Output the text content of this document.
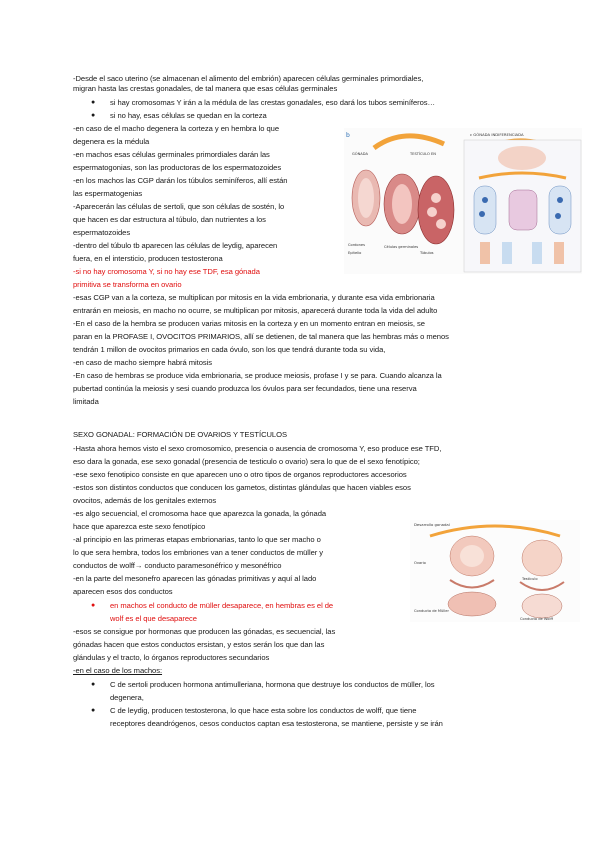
-Desde el saco uterino (se almacenan el alimento del embrión) aparecen células germinales primordiales,
migran hasta las crestas gonadales, de tal manera que esas células germinales
● si hay cromosomas Y irán a la médula de las crestas gonadales, eso dará los tubos seminíferos…
● si no hay, esas células se quedan en la corteza
-en caso de el macho degenera la corteza y en hembra lo que
degenera es la médula
-en machos esas células germinales primordiales darán las
espermatogonias, son las productoras de los espermatozoides
-en los machos las CGP darán los túbulos seminíferos, allí están
las espermatogenias
-Aparecerán las células de sertoli, que son células de sostén, lo
que hacen es dar estructura al túbulo, dan nutrientes a los
espermatozoides
-dentro del túbulo tb aparecen las células de leydig, aparecen
fuera, en el intersticio, producen testosterona
-si no hay cromosoma Y, si no hay ese TDF, esa gónada
primitiva se transforma en ovario
-esas CGP van a la corteza, se multiplican por mitosis en la vida embrionaria, y durante esa vida embrionaria
entrarán en meiosis, en macho no ocurre, se multiplican por mitosis, aparecerá durante toda la vida del adulto
-En el caso de la hembra se producen varias mitosis en la corteza y en un momento entran en meiosis, se
paran en la PROFASE I, OVOCITOS PRIMARIOS, allí se detienen, de tal manera que las hembras más o menos
tendrán 1 millon de ovocitos primarios en cada óvulo, son los que tendrá durante toda su vida,
-en caso de macho siempre habrá mitosis
-En caso de hembras se produce vida embrionaria, se produce meiosis, profase I y se para. Cuando alcanza la
pubertad continúa la meiosis y sesi cuando produzca los óvulos para ser fecundados, tiene una reserva
limitada
SEXO GONADAL: FORMACIÓN DE OVARIOS Y TESTÍCULOS
-Hasta ahora hemos visto el sexo cromosomico, presencia o ausencia de cromosoma Y, eso produce ese TFD,
eso dara la gonada, ese sexo gonadal (presencia de testiculo o ovario) sera lo que de el sexo fenotípico;
-ese sexo fenotipico consiste en que aparecen uno o otro tipos de organos reproductores accesorios
-estos son distintos conductos que conducen los gametos, distintas glándulas que hacen viables esos
ovocitos, además de los genitales externos
-es algo secuencial, el cromosoma hace que aparezca la gonada, la gónada
hace que aparezca este sexo fenotípico
-al principio en las primeras etapas embrionarias, tanto lo que ser macho o
lo que sera hembra, todos los embriones van a tener conductos de müller y
conductos de wolff→ conducto paramesonéfrico y mesonéfrico
-en la parte del mesonefro aparecen las gónadas primitivas y aquí al lado
aparecen esos dos conductos
● en machos el conducto de müller desaparece, en hembras es el de
wolf es el que desaparece
-esos se consigue por hormonas que producen las gónadas, es secuencial, las
gónadas hacen que estos conductos ersistan, y estos serán los que dan las
glándulas y el tracto, lo órganos reproductores secundarios
-en el caso de los machos:
● C de sertoli producen hormona antimulleriana, hormona que destruye los conductos de müller, los
degenera,
● C de leydig, producen testosterona, lo que hace esta sobre los conductos de wolff, que tiene
receptores deandrógenos, cesos conductos captan esa testosterona, se mantiene, persiste y se irán
b	c GÓNADA INDIFERENCIADA
GÓNADA	TESTÍCULO EN
Cordones	Células germinales
Epitelio	Túbulos
Desarrollo gonadal
Ovario
Testículo
Conducto de Müller
Conducto de Wolff
